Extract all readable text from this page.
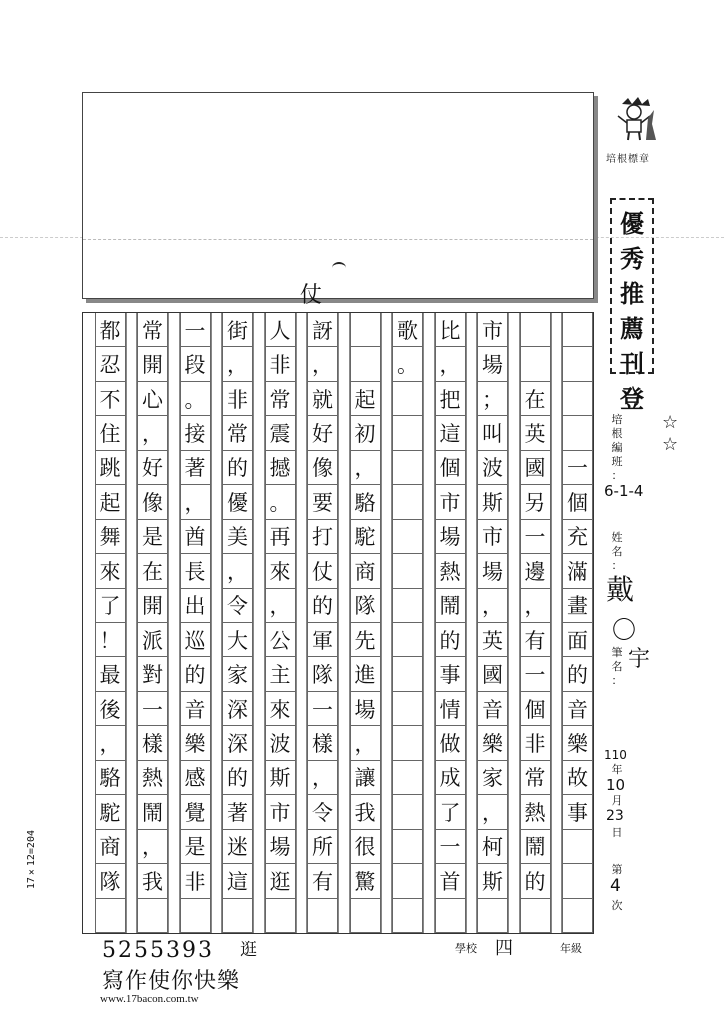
仗
一
個
充
滿
畫
面
的
音
樂
故
事
在
英
國
另
一
邊
，
有
一
個
非
常
熱
鬧
的
市
場
；
叫
波
斯
市
場
，
英
國
音
樂
家
，
柯
斯
比
，
把
這
個
市
場
熱
鬧
的
事
情
做
成
了
一
首
歌
。
起
初
，
駱
駝
商
隊
先
進
場
，
讓
我
很
驚
訝
，
就
好
像
要
打
仗
的
軍
隊
一
樣
，
令
所
有
人
非
常
震
撼
。
再
來
，
公
主
來
波
斯
市
場
逛
街
，
非
常
的
優
美
，
令
大
家
深
深
的
著
迷
這
一
段
。
接
著
，
酋
長
出
巡
的
音
樂
感
覺
是
非
常
開
心
，
好
像
是
在
開
派
對
一
樣
熱
鬧
，
我
都
忍
不
住
跳
起
舞
來
了
！
最
後
，
駱
駝
商
隊
培根標章
優
秀
推
薦
刊
登
培
根
編
班
：
6-1-4
姓
名
：
戴
〇
筆
名
：
宇
110
年
10
月
23
日
第
4
次
☆
☆
5255393
寫作使你快樂
www.17bacon.com.tw
17×12=204
逛	學校 四	年級
